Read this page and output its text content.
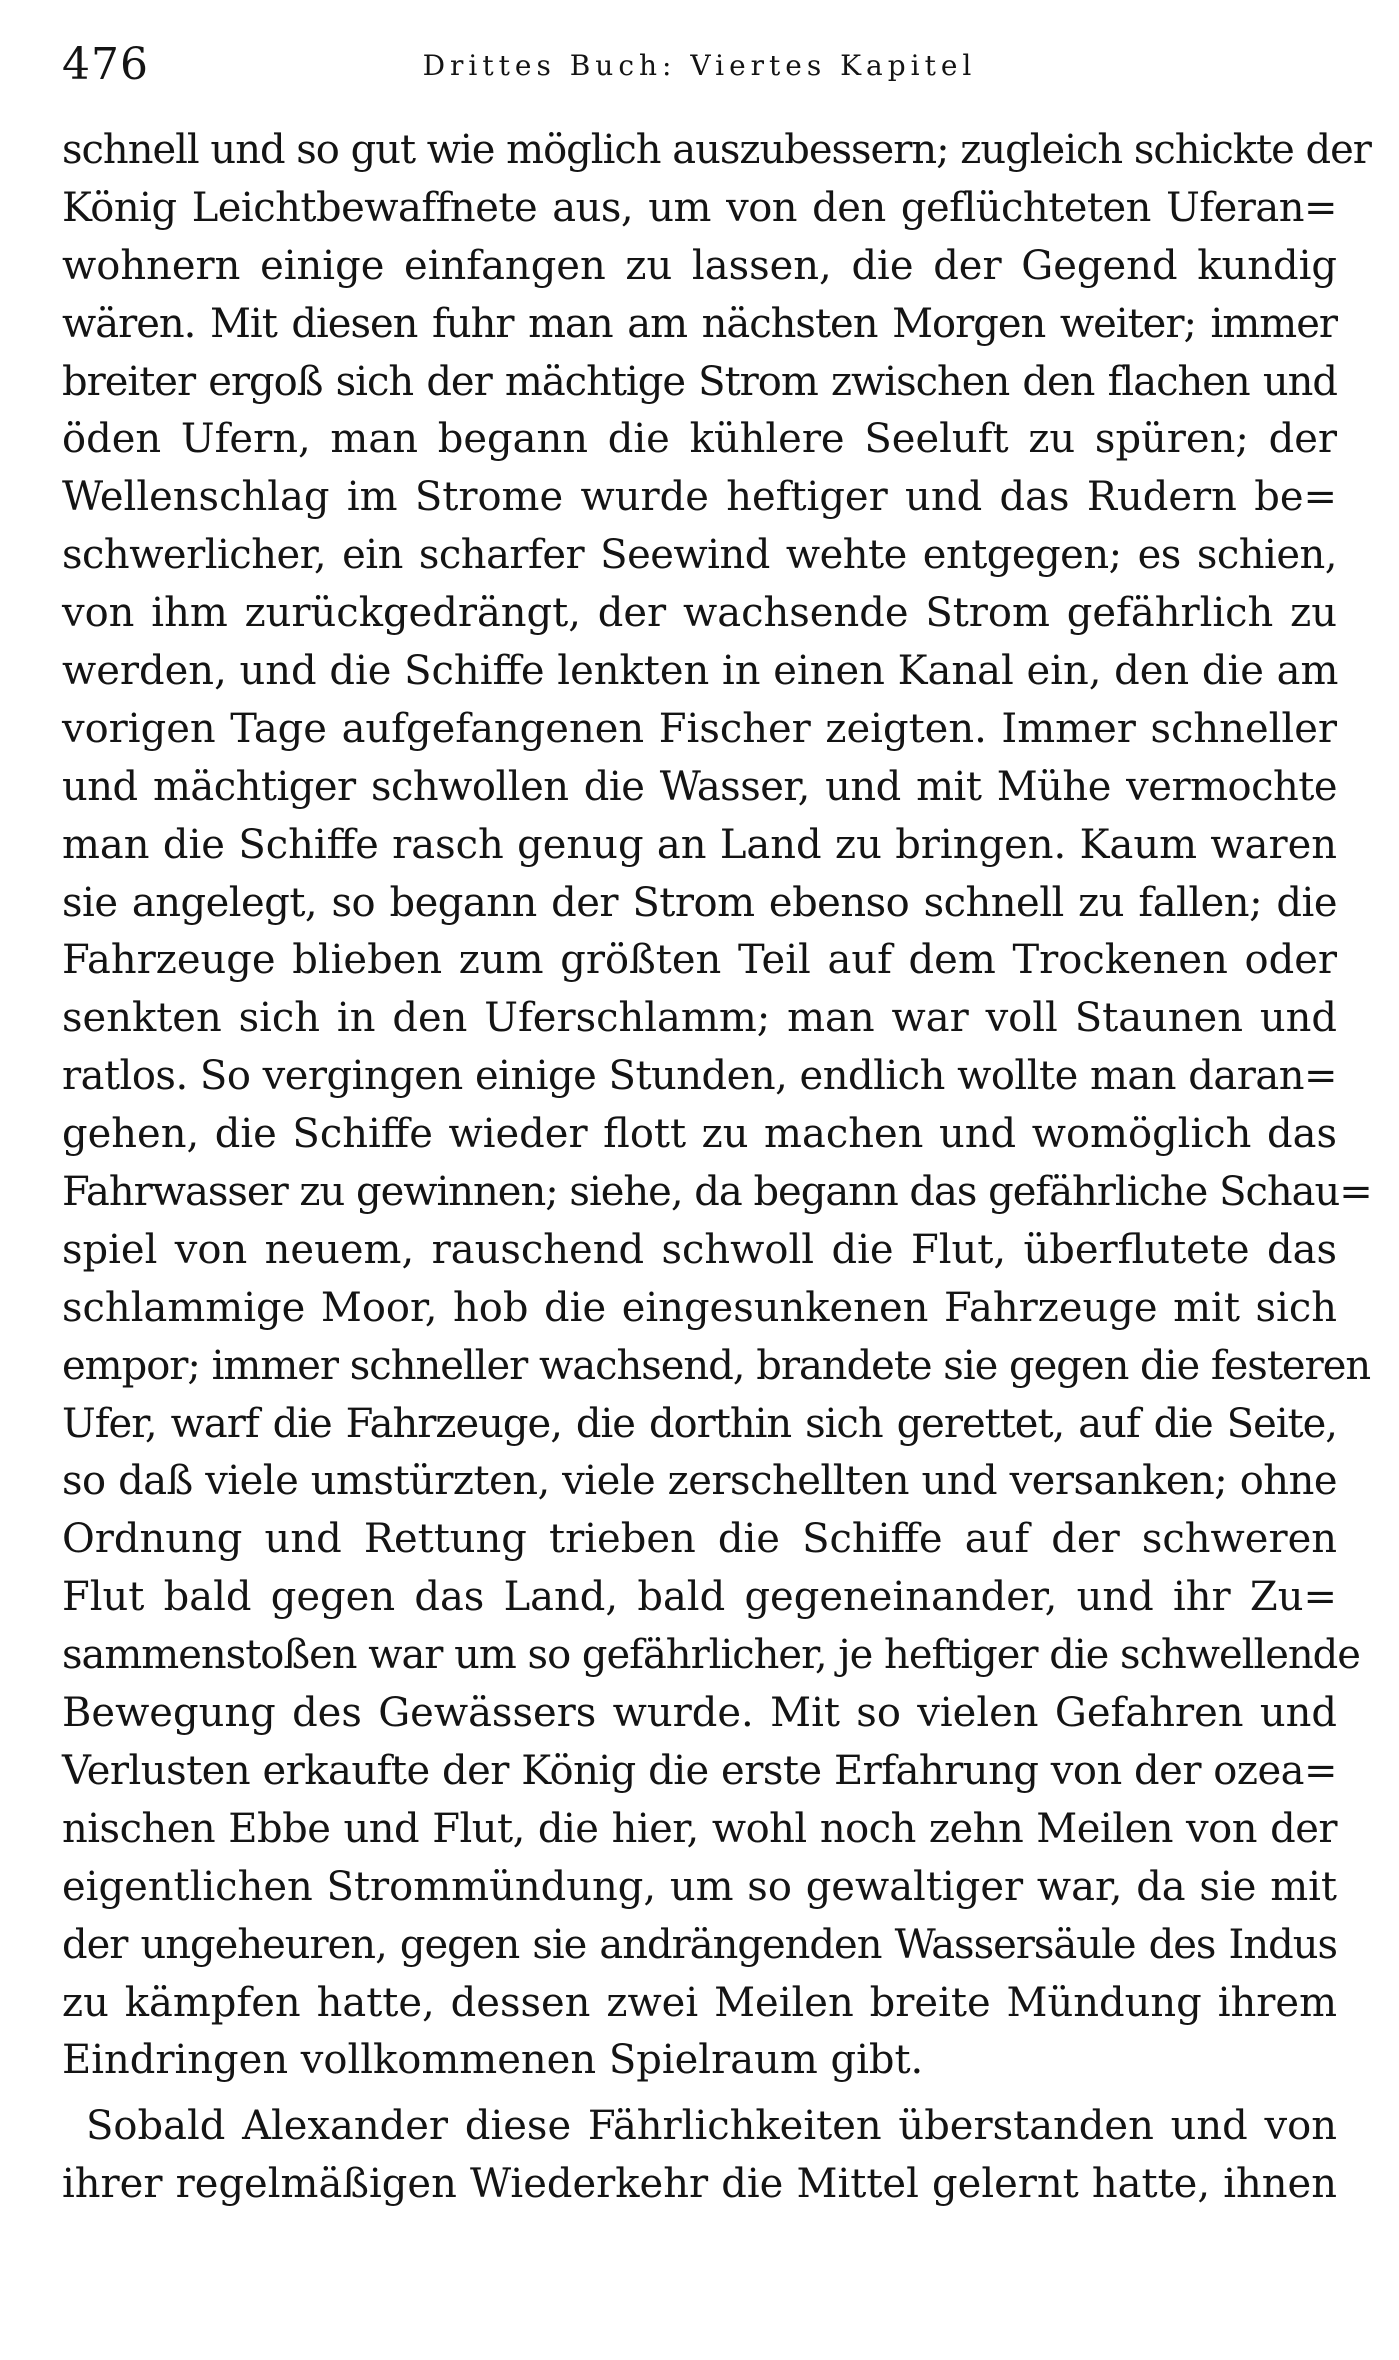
476	Drittes Buch: Viertes Kapitel
schnell und so gut wie möglich auszubessern; zugleich schickte der
König Leichtbewaffnete aus, um von den geflüchteten Uferan=
wohnern einige einfangen zu lassen, die der Gegend kundig
wären. Mit diesen fuhr man am nächsten Morgen weiter; immer
breiter ergoß sich der mächtige Strom zwischen den flachen und
öden Ufern, man begann die kühlere Seeluft zu spüren; der
Wellenschlag im Strome wurde heftiger und das Rudern be=
schwerlicher, ein scharfer Seewind wehte entgegen; es schien,
von ihm zurückgedrängt, der wachsende Strom gefährlich zu
werden, und die Schiffe lenkten in einen Kanal ein, den die am
vorigen Tage aufgefangenen Fischer zeigten. Immer schneller
und mächtiger schwollen die Wasser, und mit Mühe vermochte
man die Schiffe rasch genug an Land zu bringen. Kaum waren
sie angelegt, so begann der Strom ebenso schnell zu fallen; die
Fahrzeuge blieben zum größten Teil auf dem Trockenen oder
senkten sich in den Uferschlamm; man war voll Staunen und
ratlos. So vergingen einige Stunden, endlich wollte man daran=
gehen, die Schiffe wieder flott zu machen und womöglich das
Fahrwasser zu gewinnen; siehe, da begann das gefährliche Schau=
spiel von neuem, rauschend schwoll die Flut, überflutete das
schlammige Moor, hob die eingesunkenen Fahrzeuge mit sich
empor; immer schneller wachsend, brandete sie gegen die festeren
Ufer, warf die Fahrzeuge, die dorthin sich gerettet, auf die Seite,
so daß viele umstürzten, viele zerschellten und versanken; ohne
Ordnung und Rettung trieben die Schiffe auf der schweren
Flut bald gegen das Land, bald gegeneinander, und ihr Zu=
sammenstoßen war um so gefährlicher, je heftiger die schwellende
Bewegung des Gewässers wurde. Mit so vielen Gefahren und
Verlusten erkaufte der König die erste Erfahrung von der ozea=
nischen Ebbe und Flut, die hier, wohl noch zehn Meilen von der
eigentlichen Strommündung, um so gewaltiger war, da sie mit
der ungeheuren, gegen sie andrängenden Wassersäule des Indus
zu kämpfen hatte, dessen zwei Meilen breite Mündung ihrem
Eindringen vollkommenen Spielraum gibt.
Sobald Alexander diese Fährlichkeiten überstanden und von
ihrer regelmäßigen Wiederkehr die Mittel gelernt hatte, ihnen
